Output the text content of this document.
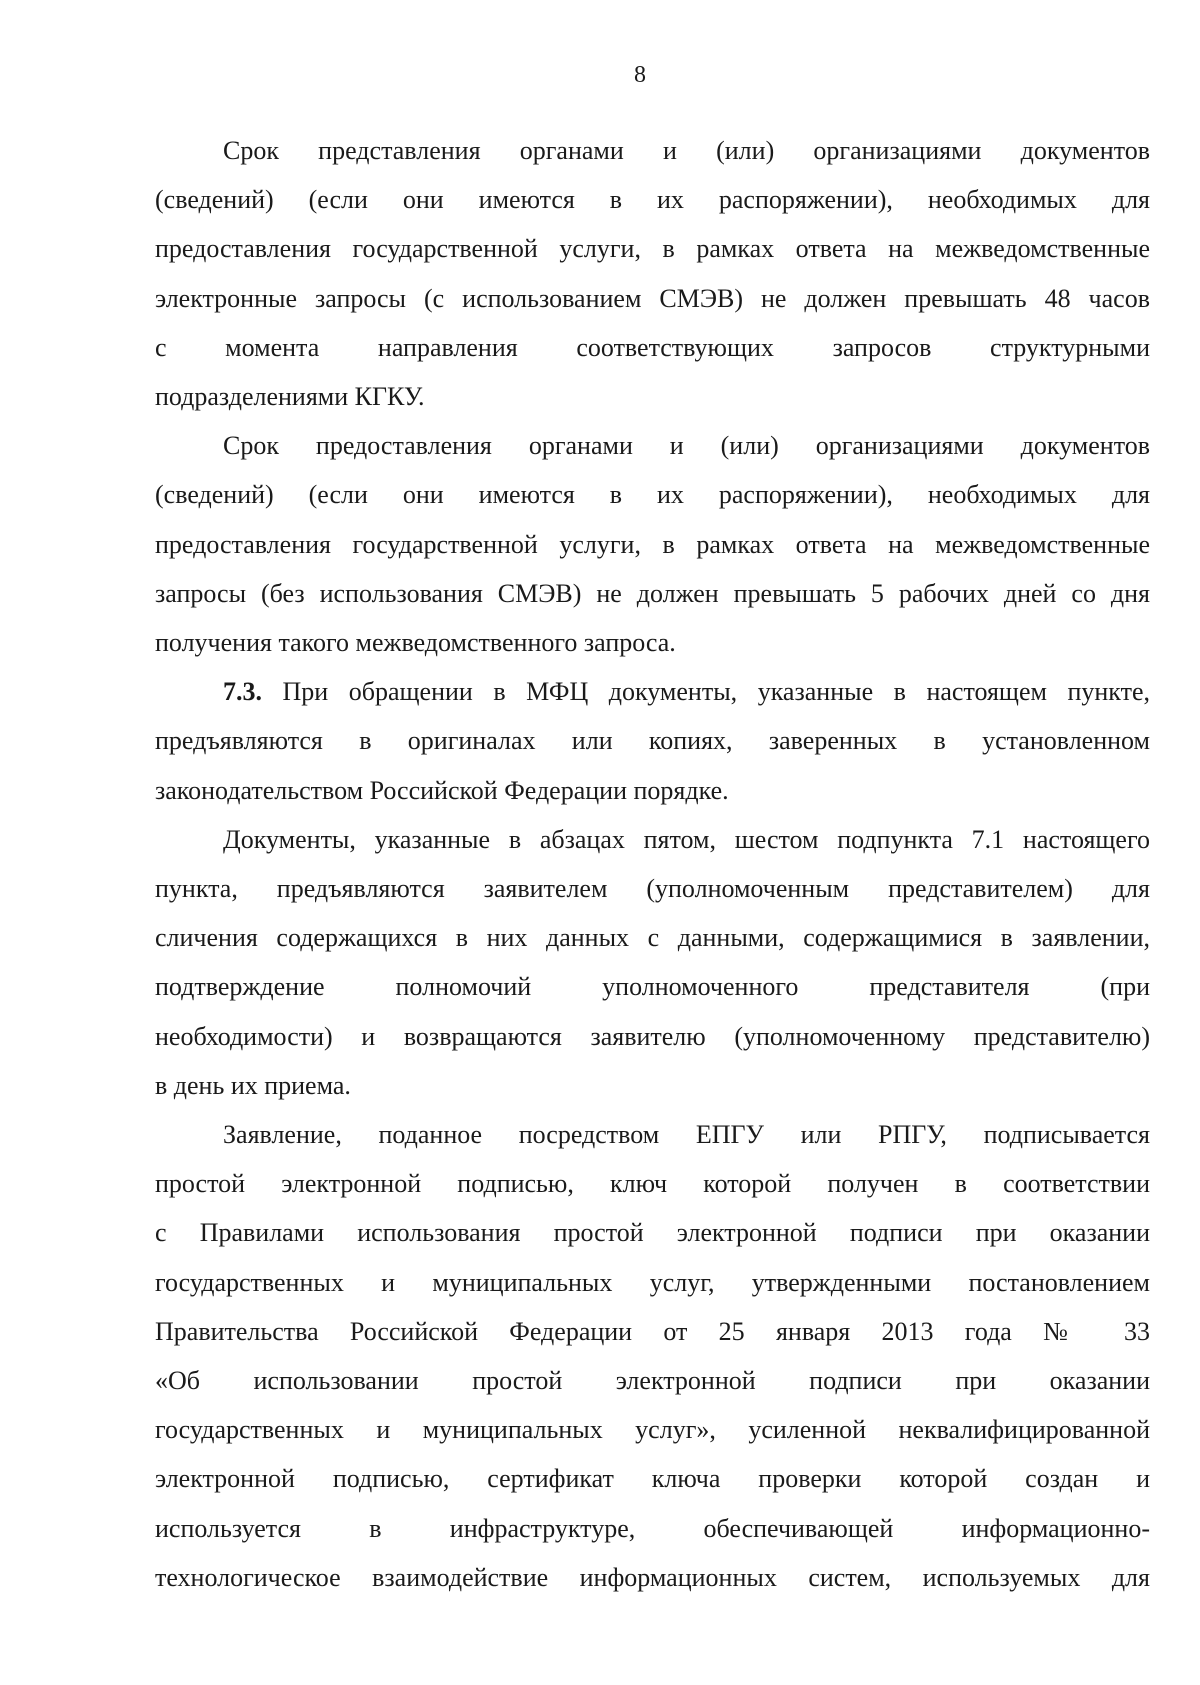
8

Срок представления органами и (или) организациями документов
(сведений) (если они имеются в их распоряжении), необходимых для
предоставления государственной услуги, в рамках ответа на межведомственные
электронные запросы (с использованием СМЭВ) не должен превышать 48 часов
с момента направления соответствующих запросов структурными
подразделениями КГКУ.

Срок предоставления органами и (или) организациями документов
(сведений) (если они имеются в их распоряжении), необходимых для
предоставления государственной услуги, в рамках ответа на межведомственные
запросы (без использования СМЭВ) не должен превышать 5 рабочих дней со дня
получения такого межведомственного запроса.

7.3. При обращении в МФЦ документы, указанные в настоящем пункте,
предъявляются в оригиналах или копиях, заверенных в установленном
законодательством Российской Федерации порядке.

Документы, указанные в абзацах пятом, шестом подпункта 7.1 настоящего
пункта, предъявляются заявителем (уполномоченным представителем) для
сличения содержащихся в них данных с данными, содержащимися в заявлении,
подтверждение полномочий уполномоченного представителя (при
необходимости) и возвращаются заявителю (уполномоченному представителю)
в день их приема.

Заявление, поданное посредством ЕПГУ или РПГУ, подписывается
простой электронной подписью, ключ которой получен в соответствии
с Правилами использования простой электронной подписи при оказании
государственных и муниципальных услуг, утвержденными постановлением
Правительства Российской Федерации от 25 января 2013 года № 33
«Об использовании простой электронной подписи при оказании
государственных и муниципальных услуг», усиленной неквалифицированной
электронной подписью, сертификат ключа проверки которой создан и
используется в инфраструктуре, обеспечивающей информационно-
технологическое взаимодействие информационных систем, используемых для
